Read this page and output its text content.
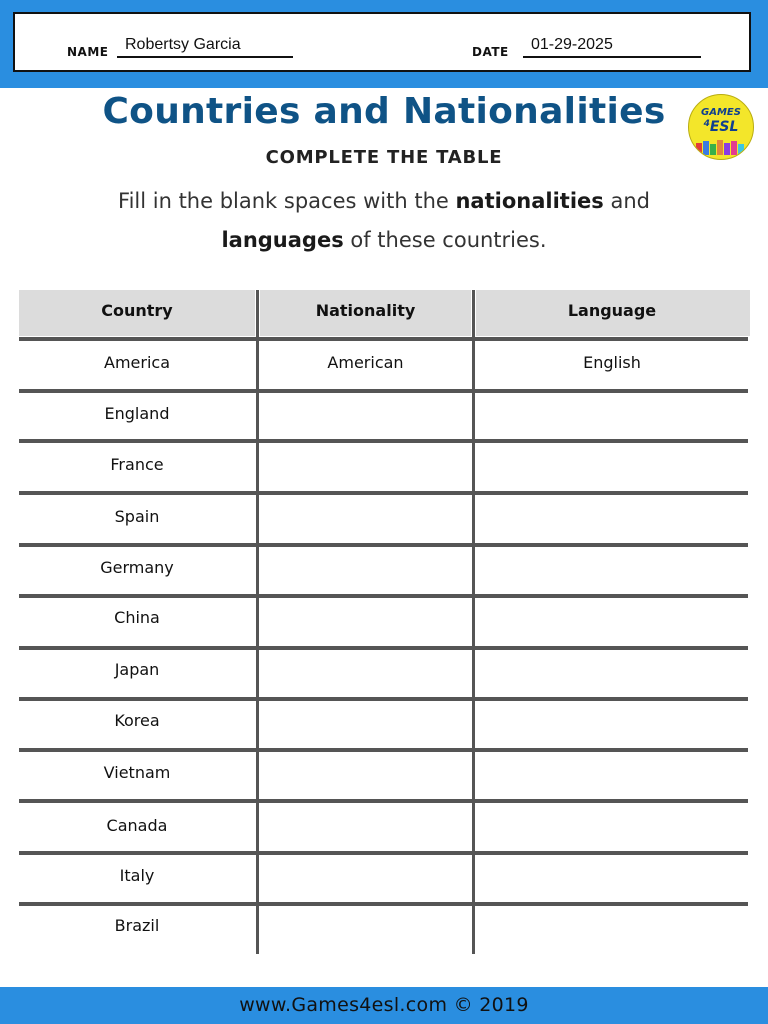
NAME	Robertsy Garcia	DATE	01-29-2025
Countries and Nationalities
COMPLETE THE TABLE
GAMES
$^4$ESL
Fill in the blank spaces with the nationalities and
languages of these countries.
Country	Nationality	Language
America	American	English
England
France
Spain
Germany
China
Japan
Korea
Vietnam
Canada
Italy
Brazil
www.Games4esl.com © 2019
